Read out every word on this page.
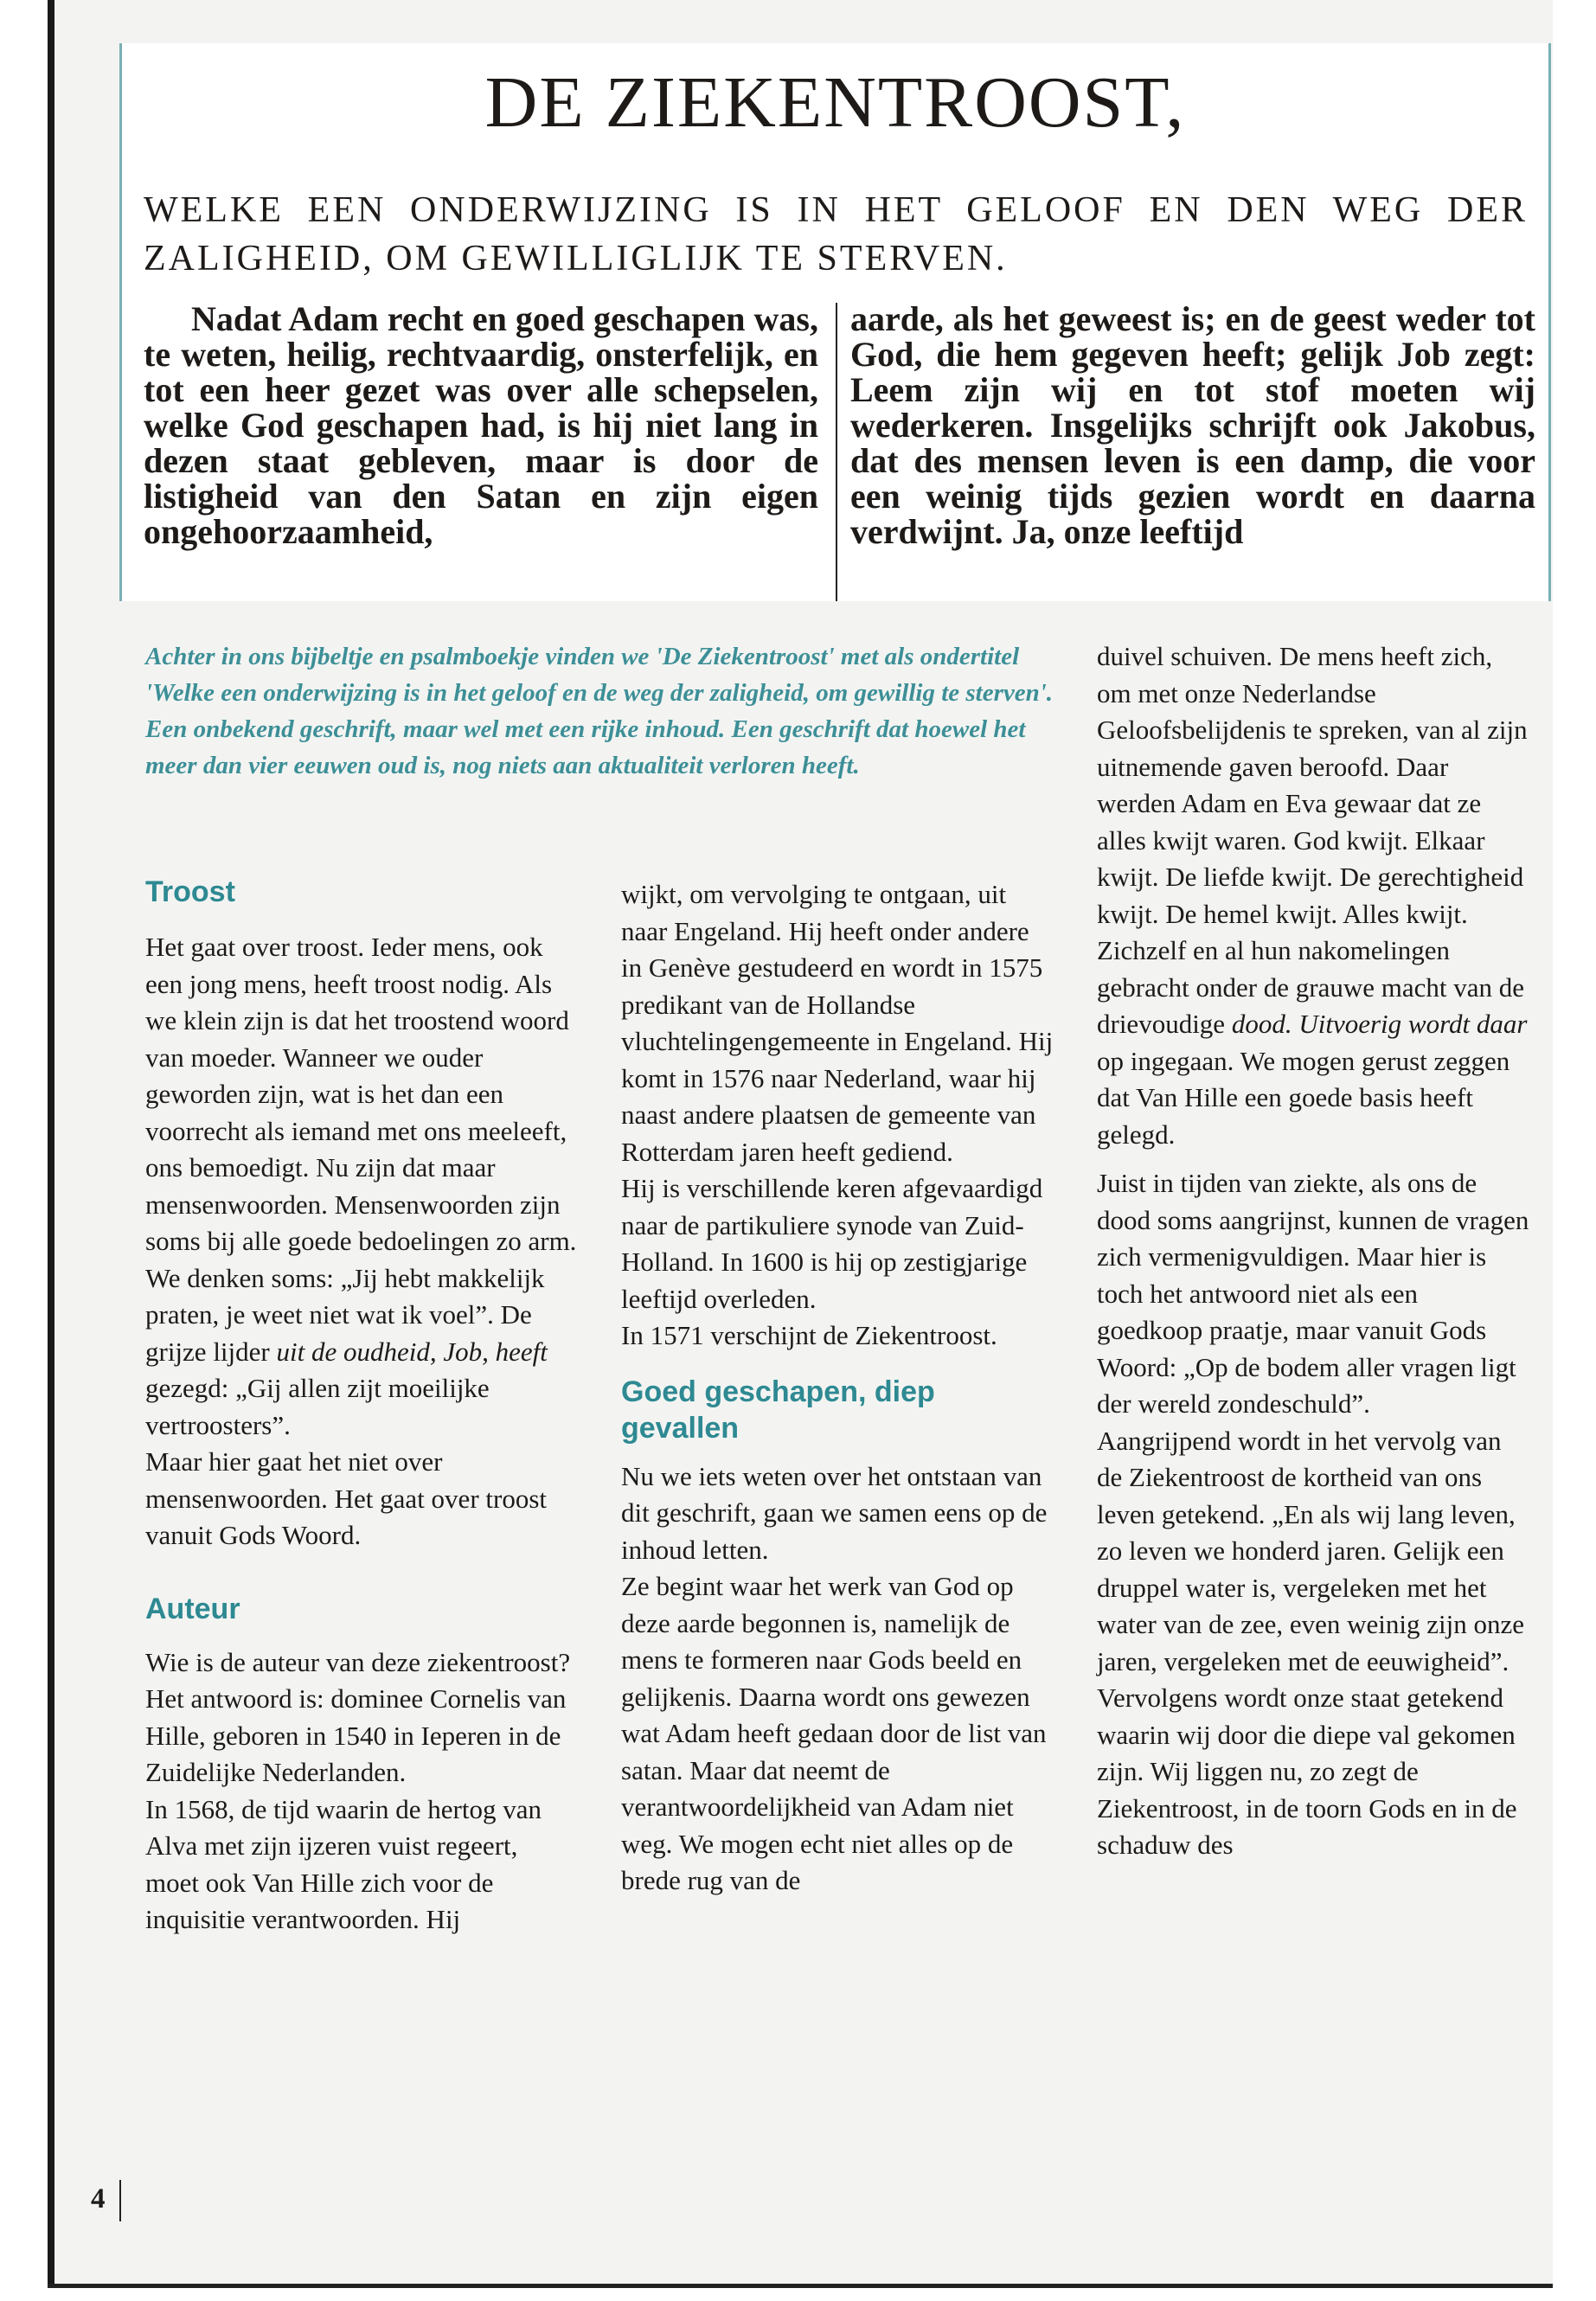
DE ZIEKENTROOST,

WELKE EEN ONDERWIJZING IS IN HET GELOOF EN DEN WEG DER ZALIGHEID, OM GEWILLIGLIJK TE STERVEN.

Nadat Adam recht en goed geschapen was, te weten, heilig, rechtvaardig, onsterfelijk, en tot een heer gezet was over alle schepselen, welke God geschapen had, is hij niet lang in dezen staat gebleven, maar is door de listigheid van den Satan en zijn eigen ongehoorzaamheid,

aarde, als het geweest is; en de geest weder tot God, die hem gegeven heeft; gelijk Job zegt: Leem zijn wij en tot stof moeten wij wederkeren. Insgelijks schrijft ook Jakobus, dat des mensen leven is een damp, die voor een weinig tijds gezien wordt en daarna verdwijnt. Ja, onze leeftijd

Achter in ons bijbeltje en psalmboekje vinden we 'De Ziekentroost' met als ondertitel 'Welke een onderwijzing is in het geloof en de weg der zaligheid, om gewillig te sterven'. Een onbekend geschrift, maar wel met een rijke inhoud. Een geschrift dat hoewel het meer dan vier eeuwen oud is, nog niets aan aktualiteit verloren heeft.

Troost

Het gaat over troost. Ieder mens, ook een jong mens, heeft troost nodig. Als we klein zijn is dat het troostend woord van moeder. Wanneer we ouder geworden zijn, wat is het dan een voorrecht als iemand met ons meeleeft, ons bemoedigt. Nu zijn dat maar mensenwoorden. Mensenwoorden zijn soms bij alle goede bedoelingen zo arm. We denken soms: „Jij hebt makkelijk praten, je weet niet wat ik voel”. De grijze lijder uit de oudheid, Job, heeft gezegd: „Gij allen zijt moeilijke vertroosters”.

Maar hier gaat het niet over mensenwoorden. Het gaat over troost vanuit Gods Woord.

Auteur

Wie is de auteur van deze ziekentroost?

Het antwoord is: dominee Cornelis van Hille, geboren in 1540 in Ieperen in de Zuidelijke Nederlanden.

In 1568, de tijd waarin de hertog van Alva met zijn ijzeren vuist regeert, moet ook Van Hille zich voor de inquisitie verantwoorden. Hij

wijkt, om vervolging te ontgaan, uit naar Engeland. Hij heeft onder andere in Genève gestudeerd en wordt in 1575 predikant van de Hollandse vluchtelingengemeente in Engeland. Hij komt in 1576 naar Nederland, waar hij naast andere plaatsen de gemeente van Rotterdam jaren heeft gediend.

Hij is verschillende keren afgevaardigd naar de partikuliere synode van Zuid-Holland. In 1600 is hij op zestigjarige leeftijd overleden.

In 1571 verschijnt de Ziekentroost.

Goed geschapen, diep gevallen

Nu we iets weten over het ontstaan van dit geschrift, gaan we samen eens op de inhoud letten.

Ze begint waar het werk van God op deze aarde begonnen is, namelijk de mens te formeren naar Gods beeld en gelijkenis. Daarna wordt ons gewezen wat Adam heeft gedaan door de list van satan. Maar dat neemt de verantwoordelijkheid van Adam niet weg. We mogen echt niet alles op de brede rug van de

duivel schuiven. De mens heeft zich, om met onze Nederlandse Geloofsbelijdenis te spreken, van al zijn uitnemende gaven beroofd. Daar werden Adam en Eva gewaar dat ze alles kwijt waren. God kwijt. Elkaar kwijt. De liefde kwijt. De gerechtigheid kwijt. De hemel kwijt. Alles kwijt. Zichzelf en al hun nakomelingen gebracht onder de grauwe macht van de drievoudige dood. Uitvoerig wordt daar op ingegaan. We mogen gerust zeggen dat Van Hille een goede basis heeft gelegd.

Juist in tijden van ziekte, als ons de dood soms aangrijnst, kunnen de vragen zich vermenigvuldigen. Maar hier is toch het antwoord niet als een goedkoop praatje, maar vanuit Gods Woord: „Op de bodem aller vragen ligt der wereld zondeschuld”.

Aangrijpend wordt in het vervolg van de Ziekentroost de kortheid van ons leven getekend. „En als wij lang leven, zo leven we honderd jaren. Gelijk een druppel water is, vergeleken met het water van de zee, even weinig zijn onze jaren, vergeleken met de eeuwigheid”.

Vervolgens wordt onze staat getekend waarin wij door die diepe val gekomen zijn. Wij liggen nu, zo zegt de Ziekentroost, in de toorn Gods en in de schaduw des

4
